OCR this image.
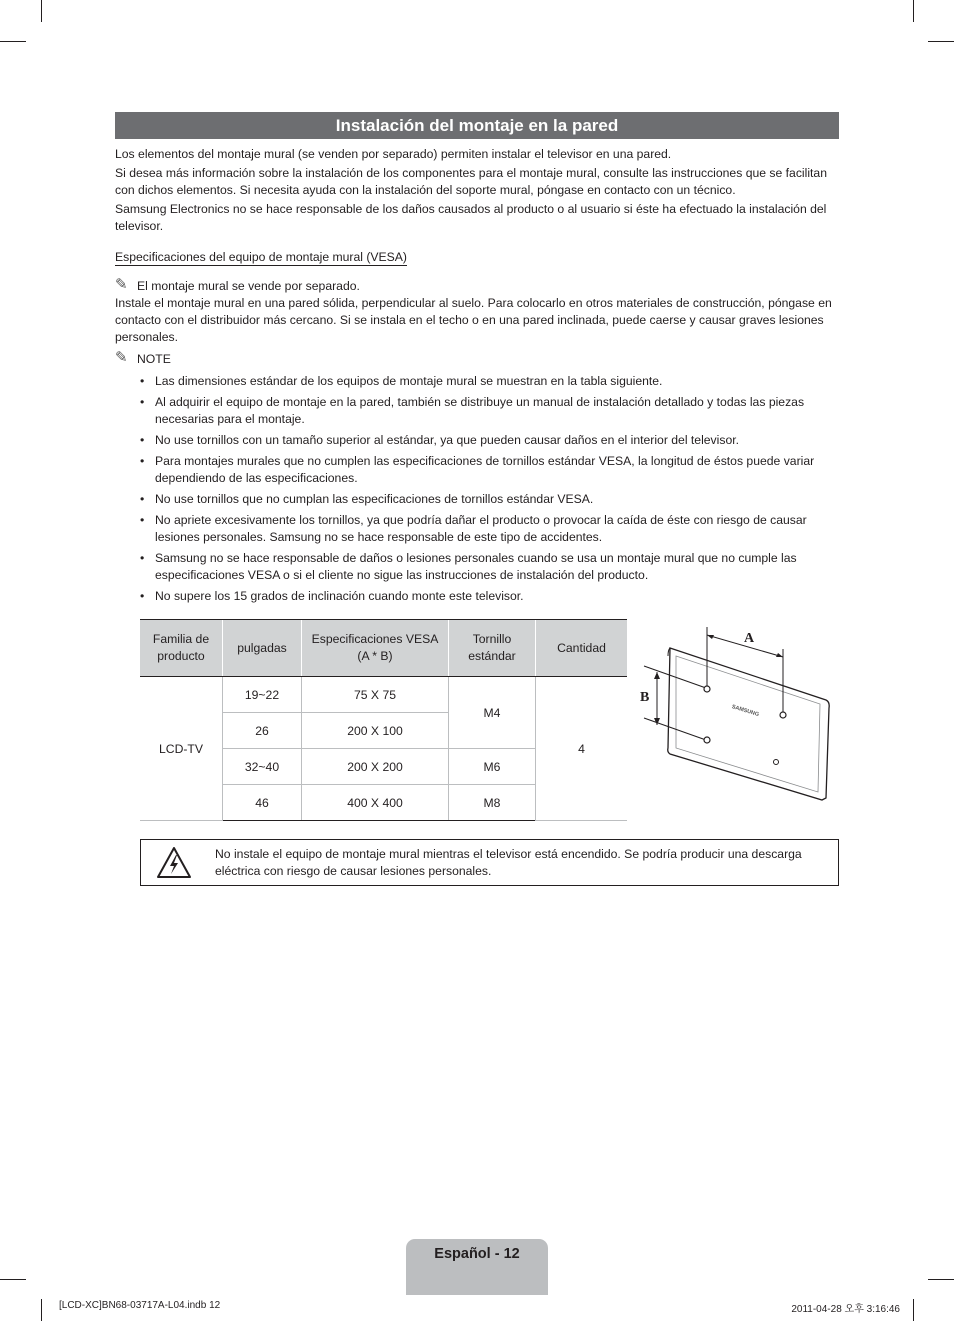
Instalación del montaje en la pared

Los elementos del montaje mural (se venden por separado) permiten instalar el televisor en una pared.

Si desea más información sobre la instalación de los componentes para el montaje mural, consulte las instrucciones que se facilitan con dichos elementos. Si necesita ayuda con la instalación del soporte mural, póngase en contacto con un técnico.

Samsung Electronics no se hace responsable de los daños causados al producto o al usuario si éste ha efectuado la instalación del televisor.

Especificaciones del equipo de montaje mural (VESA)
✎ El montaje mural se vende por separado.

Instale el montaje mural en una pared sólida, perpendicular al suelo. Para colocarlo en otros materiales de construcción, póngase en contacto con el distribuidor más cercano. Si se instala en el techo o en una pared inclinada, puede caerse y causar graves lesiones personales.

✎ NOTE
• Las dimensiones estándar de los equipos de montaje mural se muestran en la tabla siguiente.
• Al adquirir el equipo de montaje en la pared, también se distribuye un manual de instalación detallado y todas las piezas necesarias para el montaje.
• No use tornillos con un tamaño superior al estándar, ya que pueden causar daños en el interior del televisor.
• Para montajes murales que no cumplen las especificaciones de tornillos estándar VESA, la longitud de éstos puede variar dependiendo de las especificaciones.
• No use tornillos que no cumplan las especificaciones de tornillos estándar VESA.
• No apriete excesivamente los tornillos, ya que podría dañar el producto o provocar la caída de éste con riesgo de causar lesiones personales. Samsung no se hace responsable de este tipo de accidentes.
• Samsung no se hace responsable de daños o lesiones personales cuando se usa un montaje mural que no cumple las especificaciones VESA o si el cliente no sigue las instrucciones de instalación del producto.
• No supere los 15 grados de inclinación cuando monte este televisor.
Familia de producto	pulgadas	Especificaciones VESA (A * B)	Tornillo estándar	Cantidad
LCD-TV	19~22	75 X 75	M4	4
	26	200 X 100		
	32~40	200 X 200	M6	
	46	400 X 400	M8	
A
B
SAMSUNG
No instale el equipo de montaje mural mientras el televisor está encendido. Se podría producir una descarga eléctrica con riesgo de causar lesiones personales.
Español - 12
[LCD-XC]BN68-03717A-L04.indb 12	2011-04-28 오후 3:16:46
